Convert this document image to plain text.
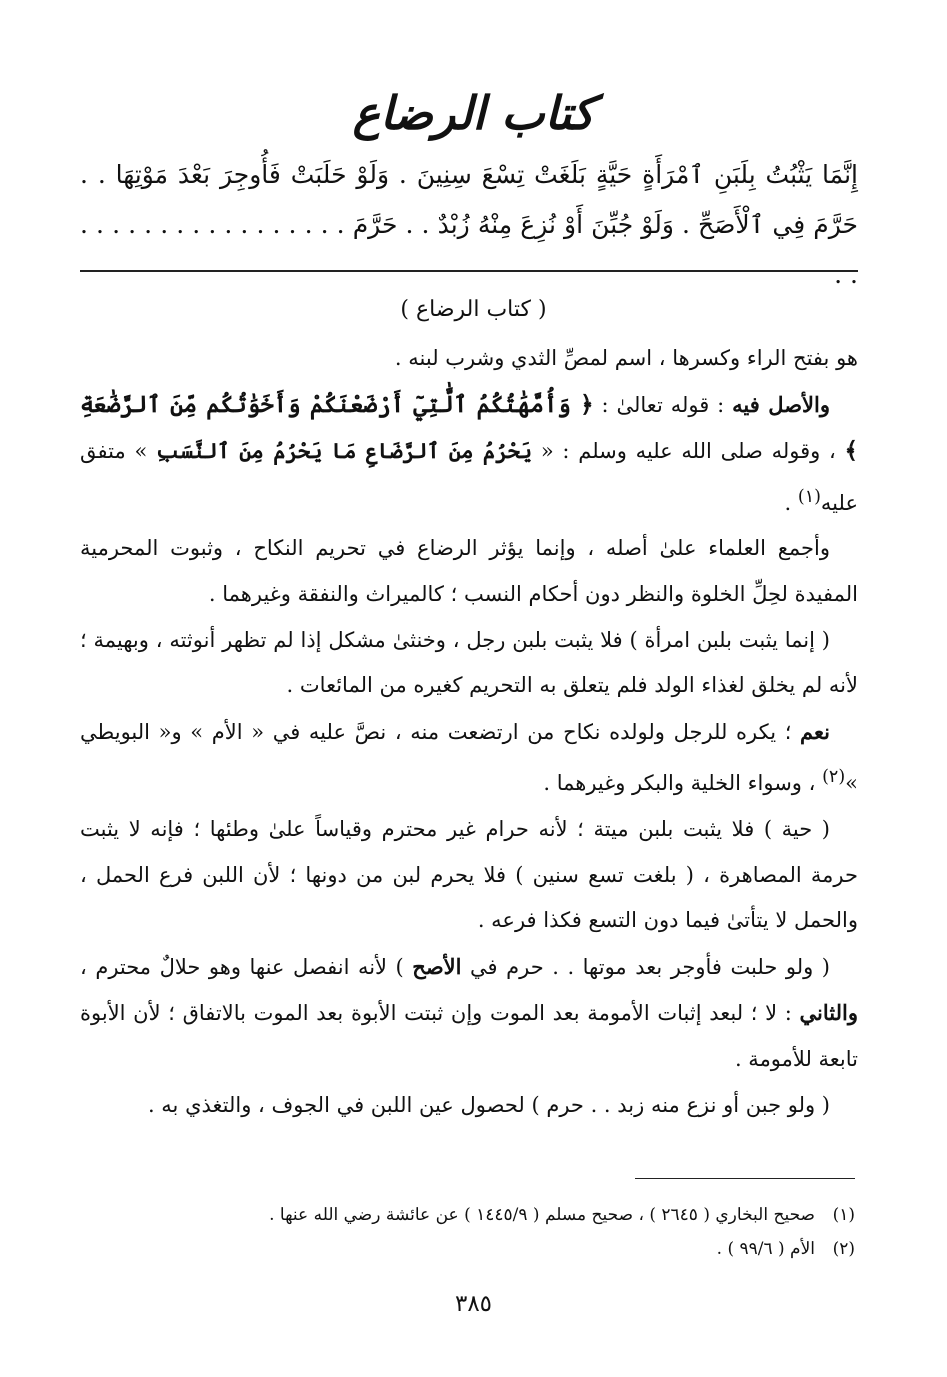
كتاب الرضاع
إِنَّمَا يَثْبُتُ بِلَبَنِ ٱمْرَأَةٍ حَيَّةٍ بَلَغَتْ تِسْعَ سِنِينَ . وَلَوْ حَلَبَتْ فَأُوجِرَ بَعْدَ مَوْتِهَا . . حَرَّمَ فِي ٱلْأَصَحِّ . وَلَوْ جُبِّنَ أَوْ نُزِعَ مِنْهُ زُبْدٌ . . حَرَّمَ . . . . . . . . . . . . . . . . . . .
( كتاب الرضاع )

هو بفتح الراء وكسرها ، اسم لمصِّ الثدي وشرب لبنه .

والأصل فيه : قوله تعالىٰ : ﴿ وَأُمَّهَٰتُكُمُ ٱلَّٰتِيٓ أَرْضَعْنَكُمْ وَأَخَوَٰتُكُم مِّنَ ٱلرَّضَٰعَةِ ﴾ ، وقوله صلى الله عليه وسلم : « يَحْرُمُ مِنَ ٱلرَّضَاعِ مَا يَحْرُمُ مِنَ ٱلنَّسَبِ » متفق عليه$^{(١)}$ .

وأجمع العلماء علىٰ أصله ، وإنما يؤثر الرضاع في تحريم النكاح ، وثبوت المحرمية المفيدة لحِلِّ الخلوة والنظر دون أحكام النسب ؛ كالميراث والنفقة وغيرهما .

( إنما يثبت بلبن امرأة ) فلا يثبت بلبن رجل ، وخنثىٰ مشكل إذا لم تظهر أنوثته ، وبهيمة ؛ لأنه لم يخلق لغذاء الولد فلم يتعلق به التحريم كغيره من المائعات .

نعم ؛ يكره للرجل ولولده نكاح من ارتضعت منه ، نصَّ عليه في « الأم » و« البويطي »$^{(٢)}$ ، وسواء الخلية والبكر وغيرهما .

( حية ) فلا يثبت بلبن ميتة ؛ لأنه حرام غير محترم وقياساً علىٰ وطئها ؛ فإنه لا يثبت حرمة المصاهرة ، ( بلغت تسع سنين ) فلا يحرم لبن من دونها ؛ لأن اللبن فرع الحمل ، والحمل لا يتأتىٰ فيما دون التسع فكذا فرعه .

( ولو حلبت فأوجر بعد موتها . . حرم في الأصح ) لأنه انفصل عنها وهو حلالٌ محترم ، والثاني : لا ؛ لبعد إثبات الأمومة بعد الموت وإن ثبتت الأبوة بعد الموت بالاتفاق ؛ لأن الأبوة تابعة للأمومة .

( ولو جبن أو نزع منه زبد . . حرم ) لحصول عين اللبن في الجوف ، والتغذي به .

(١)صحيح البخاري ( ٢٦٤٥ ) ، صحيح مسلم ( ١٤٤٥/٩ ) عن عائشة رضي الله عنها .

(٢)الأم ( ٩٩/٦ ) .

٣٨٥
